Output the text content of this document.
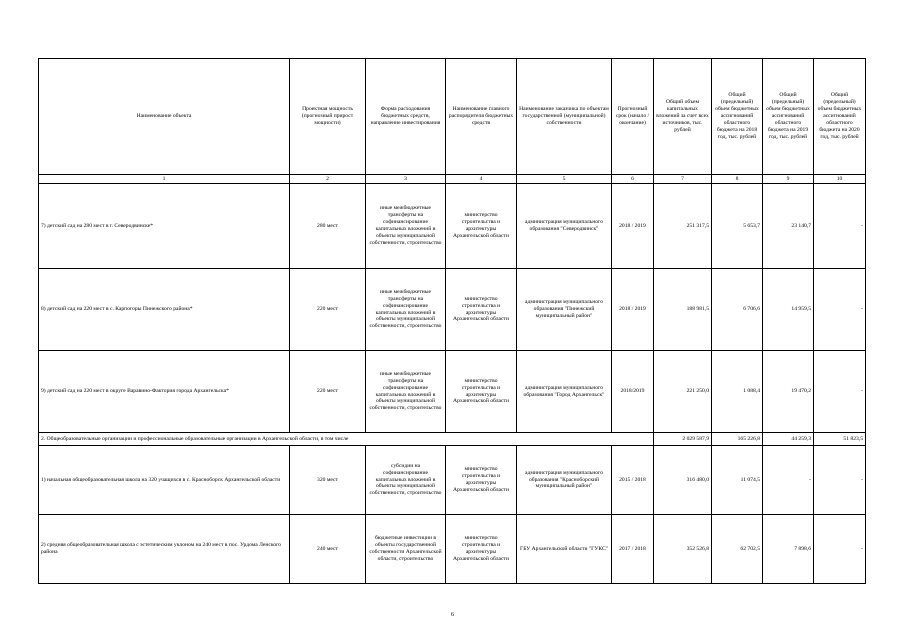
Наименование объекта	Проектная мощность (прогнозный прирост мощности)	Форма расходования бюджетных средств, направление инвестирования	Наименование главного распорядителя бюджетных средств	Наименование заказчика по объектам государственной (муниципальной) собственности	Прогнозный срок (начало / окончание)	Общий объем капитальных вложений за счет всех источников, тыс. рублей	Общий (предельный) объем бюджетных ассигнований областного бюджета на 2018 год, тыс. рублей	Общий (предельный) объем бюджетных ассигнований областного бюджета на 2019 год, тыс. рублей	Общий (предельный) объем бюджетных ассигнований областного бюджета на 2020 год, тыс. рублей
1	2	3	4	5	6	7	8	9	10
7) детский сад на 280 мест в г. Северодвинске*	280 мест	иные межбюджетные трансферты на софинансирование капитальных вложений в объекты муниципальной собственности, строительство	министерство строительства и архитектуры Архангельской области	администрация муниципального образования "Северодвинск"	2018 / 2019	251 317,5	5 653,7	23 140,7	-
8) детский сад на 220 мест в с. Карпогоры Пинежского района*	220 мест	иные межбюджетные трансферты на софинансирование капитальных вложений в объекты муниципальной собственности, строительство	министерство строительства и архитектуры Архангельской области	администрация муниципального образования "Пинежский муниципальный район"	2018 / 2019	188 981,5	6 706,6	14 959,5	-
9) детский сад на 220 мест в округе Варавино-Фактория города Архангельска*	220 мест	иные межбюджетные трансферты на софинансирование капитальных вложений в объекты муниципальной собственности, строительство	министерство строительства и архитектуры Архангельской области	администрация муниципального образования "Город Архангельск"	2018/2019	221 250,0	1 088,4	19 470,2	-
2. Общеобразовательные организации и профессиональные образовательные организации в Архангельской области, в том числе						2 029 587,9	165 226,8	44 259,3	51 823,5
1) начальная общеобразовательная школа на 320 учащихся в с. Красноборск Архангельской области	320 мест	субсидии на софинансирование капитальных вложений в объекты муниципальной собственности, строительство	министерство строительства и архитектуры Архангельской области	администрация муниципального образования "Красноборский муниципальный район"	2015 / 2018	316 480,0	11 074,5	-	-
2) средняя общеобразовательная школа с эстетическим уклоном на 240 мест в пос. Урдома Ленского района	240 мест	бюджетные инвестиции в объекты государственной собственности Архангельской области, строительство	министерство строительства и архитектуры Архангельской области	ГБУ Архангельской области "ГУКС"	2017 / 2018	352 526,8	62 702,5	7 898,6	-
6
